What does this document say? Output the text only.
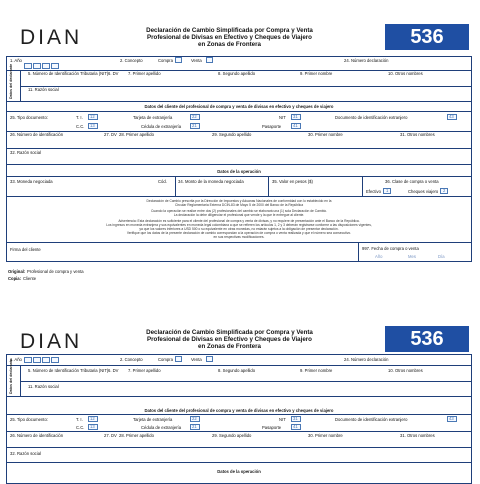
DIAN	Declaración de Cambio Simplificada por Compra y Venta
Profesional de Divisas en Efectivo y Cheques de Viajero
en Zonas de Frontera	536
1. Año	2. Concepto	Compra	Venta	24. Número declaración
5. Número de Identificación Tributaria (NIT) 6. DV 7. Primer apellido	8. Segundo apellido	9. Primer nombre	10. Otros nombres
11. Razón social
Datos del declarante
Datos del cliente del profesional de compra y venta de divisas en efectivo y cheques de viajero
25. Tipo documento:	T. I. 12
C.C. 13
Tarjeta de extranjería	22
Cédula de extranjería	21
NIT 31
Pasaporte	41
Documento de identificación extranjero	43
26. Número de identificación	27. DV 28. Primer apellido	29. Segundo apellido	30. Primer nombre	31. Otros nombres
32. Razón social
Datos de la operación
33. Moneda negociada	Cód.	34. Monto de la moneda negociada	35. Valor en pesos ($)	36. Clase de compra o venta
Efectivo 1	Cheques viajero 2
Declaración de Cambio prescrita por la Dirección de Impuestos y Aduanas Nacionales de conformidad con lo establecido en la
Circular Reglamentaria Externa DCIN-83 de Mayo 5 de 2000 del Banco de la República
Cuando la operación se realice entre dos (2) profesionales del cambio se elaborará una (1) sola Declaración de Cambio.
La declaración la debe diligenciar el profesional que vende y la que le entregue al cliente.
Advertencia: Esta declaración es suficiente para el cliente del profesional de compra y venta de divisas, y no requiere de presentación ante el Banco de la República.
Los ingresos en moneda extranjera y sus equivalentes en moneda legal colombiana a que se refieren los artículos 1, 2 y 3 deberán registrarse conforme a las disposiciones vigentes,
ya que los valores inferiores a USD 500 o su equivalente en otras monedas, no estarán sujetos a la obligación de presentar declaración.
Verifique que los datos de la presente declaración de cambio correspondan a la operación de compra o venta realizada y que el número sea consecutivo.
en sus respectivas modificaciones.
Firma del cliente	997. Fecha de compra o venta
Año	Mes	Día
Original: Profesional de compra y venta
Copia: Cliente
DIAN	Declaración de Cambio Simplificada por Compra y Venta
Profesional de Divisas en Efectivo y Cheques de Viajero
en Zonas de Frontera	536
1. Año	2. Concepto	Compra	Venta	24. Número declaración
5. Número de Identificación Tributaria (NIT) 6. DV 7. Primer apellido	8. Segundo apellido	9. Primer nombre	10. Otros nombres
11. Razón social
Datos del declarante
Datos del cliente del profesional de compra y venta de divisas en efectivo y cheques de viajero
25. Tipo documento:	T. I. 12
C.C. 13
Tarjeta de extranjería	22
Cédula de extranjería	21
NIT 31
Pasaporte	41
Documento de identificación extranjero	43
26. Número de identificación	27. DV 28. Primer apellido	29. Segundo apellido	30. Primer nombre	31. Otros nombres
32. Razón social
Datos de la operación
